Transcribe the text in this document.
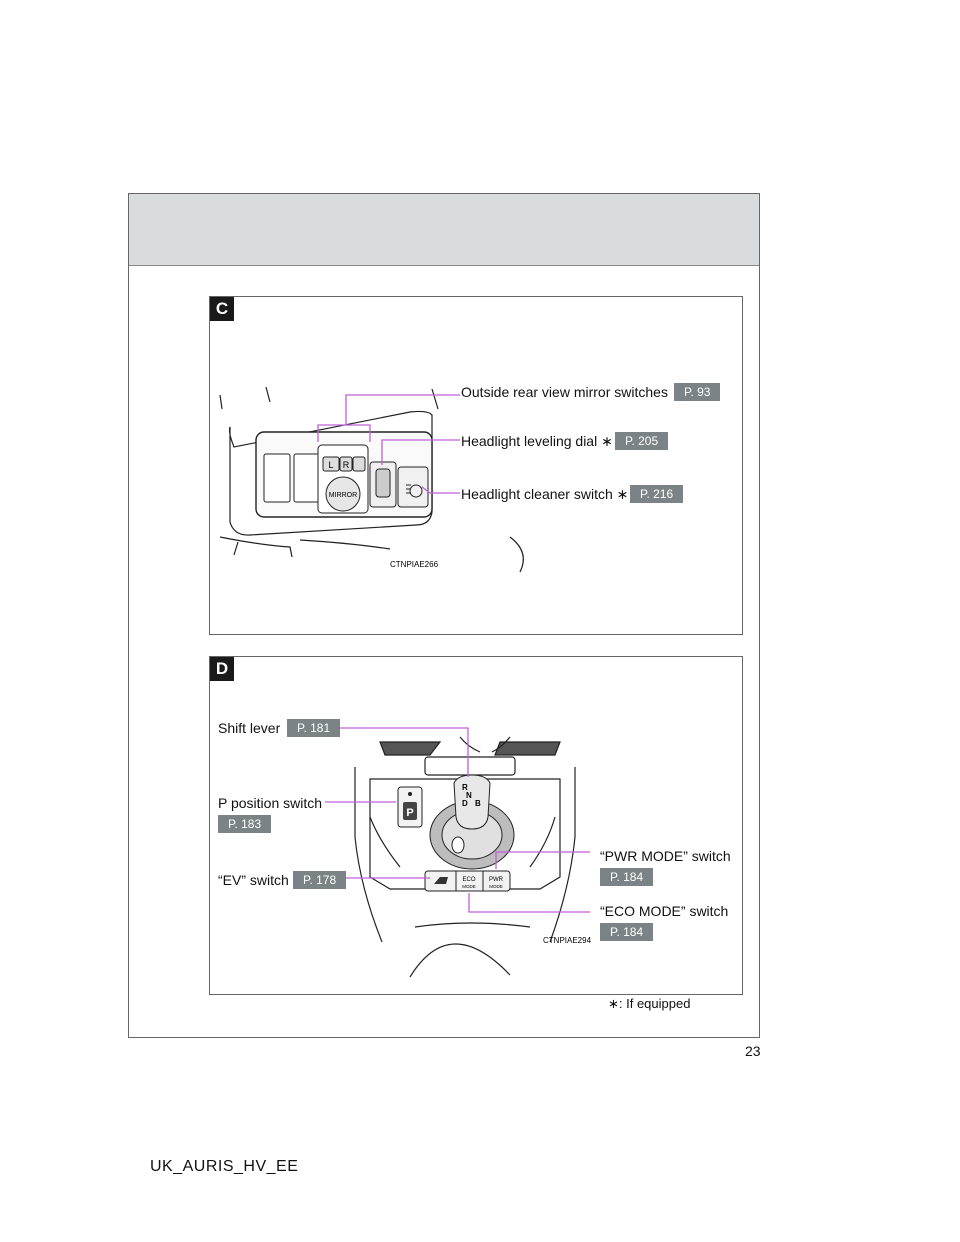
C
L R
MIRROR
CTNPIAE266
Outside rear view mirror switches	P. 93
Headlight leveling dial ∗	P. 205
Headlight cleaner switch ∗ P. 216
D
P
R
N
D B
ECO
MODE
PWR
MODE
CTNPIAE294
Shift lever	P. 181
P position switch
P. 183
“EV” switch	P. 178
“PWR MODE” switch
P. 184
“ECO MODE” switch
P. 184
∗: If equipped
23
UK_AURIS_HV_EE
